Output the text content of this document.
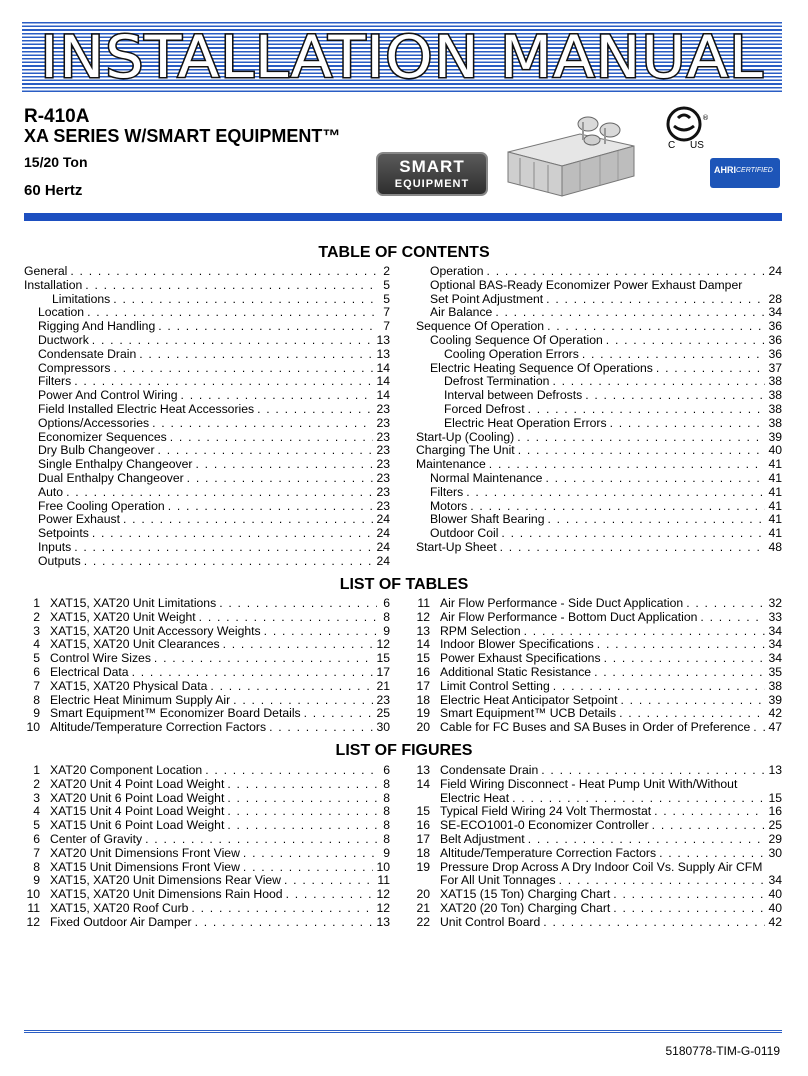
INSTALLATION MANUAL
R-410A
XA SERIES W/SMART EQUIPMENT™
15/20 Ton
60 Hertz
SMART
EQUIPMENT
®
C US
AHRI CERTIFIED
TABLE OF CONTENTS
General . . .	2
Installation . . .	5
Limitations . . .	5
Location . . .	7
Rigging And Handling . . .	7
Ductwork . . .	13
Condensate Drain . . .	13
Compressors . . .	14
Filters . . .	14
Power And Control Wiring . . .	14
Field Installed Electric Heat Accessories . . .	23
Options/Accessories . . .	23
Economizer Sequences . . .	23
Dry Bulb Changeover . . .	23
Single Enthalpy Changeover . . .	23
Dual Enthalpy Changeover . . .	23
Auto . . .	23
Free Cooling Operation . . .	23
Power Exhaust . . .	24
Setpoints . . .	24
Inputs . . .	24
Outputs . . .	24
Operation . . .	24
Optional BAS-Ready Economizer Power Exhaust Damper
Set Point Adjustment . . .	28
Air Balance . . .	34
Sequence Of Operation . . .	36
Cooling Sequence Of Operation . . .	36
Cooling Operation Errors . . .	36
Electric Heating Sequence Of Operations . . .	37
Defrost Termination . . .	38
Interval between Defrosts . . .	38
Forced Defrost . . .	38
Electric Heat Operation Errors . . .	38
Start-Up (Cooling) . . .	39
Charging The Unit . . .	40
Maintenance . . .	41
Normal Maintenance . . .	41
Filters . . .	41
Motors . . .	41
Blower Shaft Bearing . . .	41
Outdoor Coil . . .	41
Start-Up Sheet . . .	48
LIST OF TABLES
1 XAT15, XAT20 Unit Limitations . . .	6
2 XAT15, XAT20 Unit Weight . . .	8
3 XAT15, XAT20 Unit Accessory Weights . . .	9
4 XAT15, XAT20 Unit Clearances . . .	12
5 Control Wire Sizes . . .	15
6 Electrical Data . . .	17
7 XAT15, XAT20 Physical Data . . .	21
8 Electric Heat Minimum Supply Air . . .	23
9 Smart Equipment™ Economizer Board Details . . .	25
10 Altitude/Temperature Correction Factors . . .	30
11 Air Flow Performance - Side Duct Application . . .	32
12 Air Flow Performance - Bottom Duct Application . . .	33
13 RPM Selection . . .	34
14 Indoor Blower Specifications . . .	34
15 Power Exhaust Specifications . . .	34
16 Additional Static Resistance . . .	35
17 Limit Control Setting . . .	38
18 Electric Heat Anticipator Setpoint . . .	39
19 Smart Equipment™ UCB Details . . .	42
20 Cable for FC Buses and SA Buses in Order of Preference . . . 47
LIST OF FIGURES
1 XAT20 Component Location . . .	6
2 XAT20 Unit 4 Point Load Weight . . .	8
3 XAT20 Unit 6 Point Load Weight . . .	8
4 XAT15 Unit 4 Point Load Weight . . .	8
5 XAT15 Unit 6 Point Load Weight . . .	8
6 Center of Gravity . . .	8
7 XAT20 Unit Dimensions Front View . . .	9
8 XAT15 Unit Dimensions Front View . . .	10
9 XAT15, XAT20 Unit Dimensions Rear View . . .	11
10 XAT15, XAT20 Unit Dimensions Rain Hood . . .	12
11 XAT15, XAT20 Roof Curb . . .	12
12 Fixed Outdoor Air Damper . . .	13
13 Condensate Drain . . .	13
14 Field Wiring Disconnect - Heat Pump Unit With/Without
Electric Heat . . .	15
15 Typical Field Wiring 24 Volt Thermostat . . .	16
16 SE-ECO1001-0 Economizer Controller . . .	25
17 Belt Adjustment . . .	29
18 Altitude/Temperature Correction Factors . . .	30
19 Pressure Drop Across A Dry Indoor Coil Vs. Supply Air CFM
For All Unit Tonnages . . .	34
20 XAT15 (15 Ton) Charging Chart . . .	40
21 XAT20 (20 Ton) Charging Chart . . .	40
22 Unit Control Board . . .	42
5180778-TIM-G-0119
